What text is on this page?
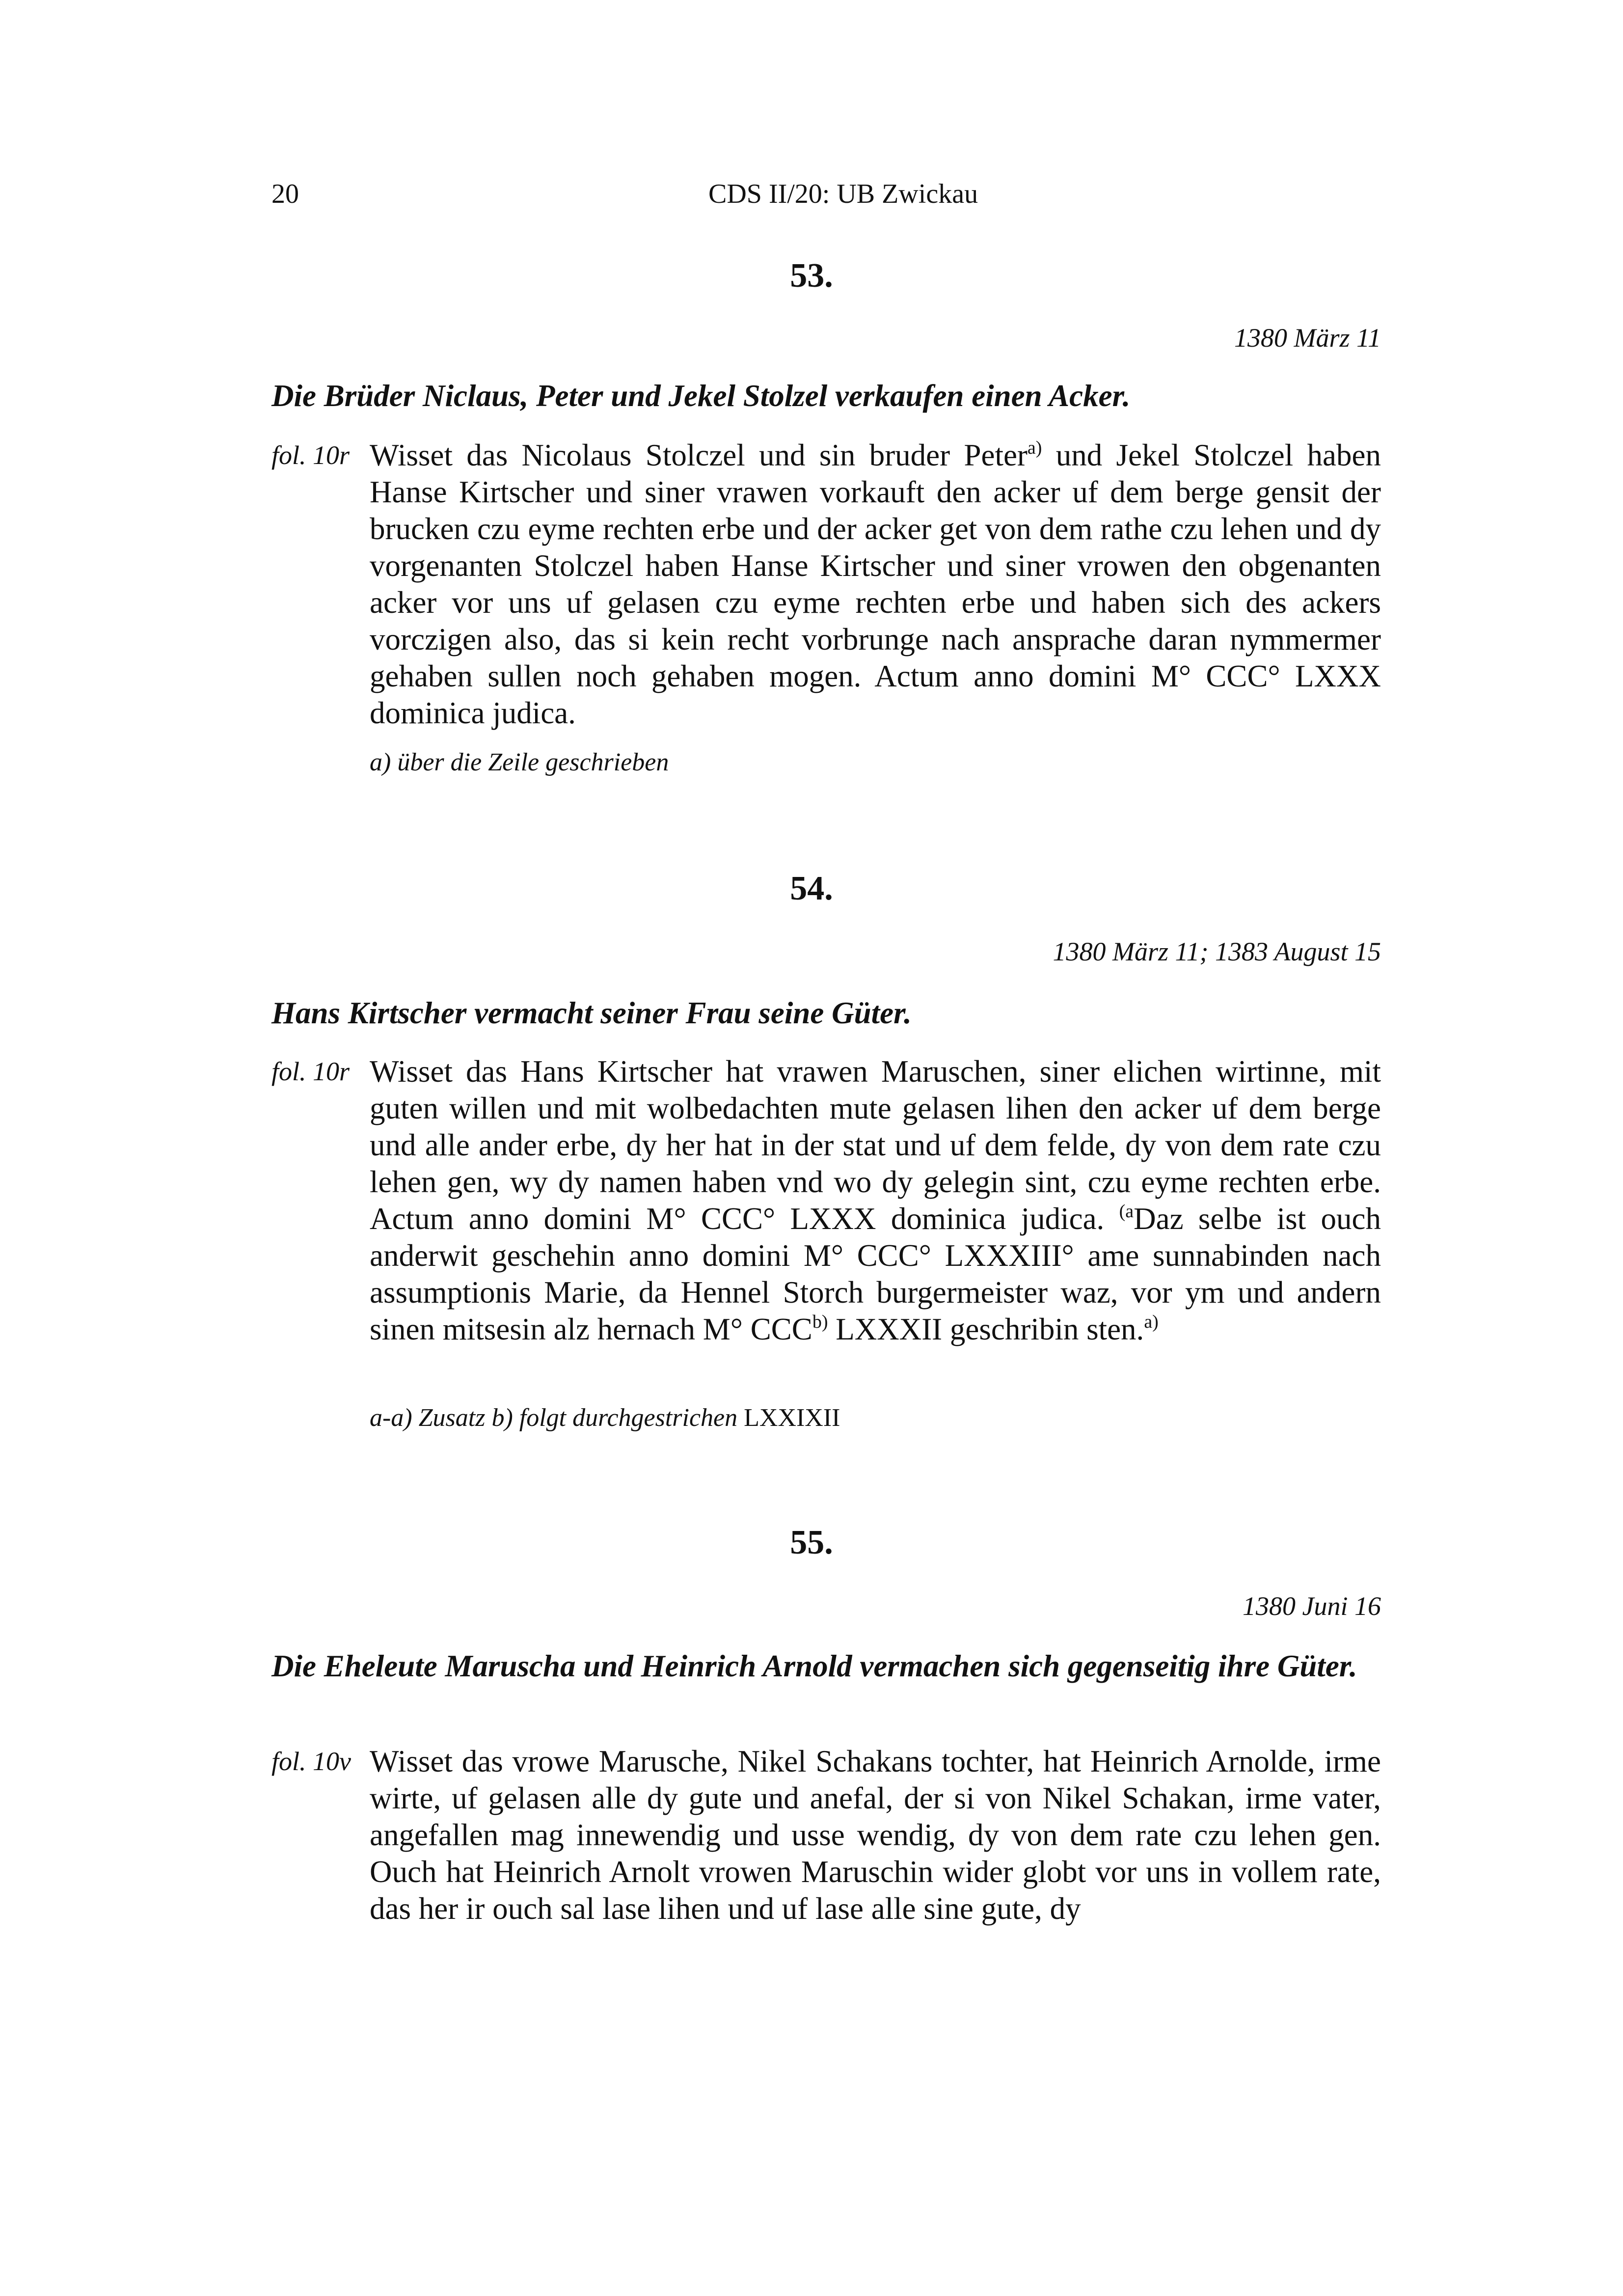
20	CDS II/20: UB Zwickau
53.
1380 März 11
Die Brüder Niclaus, Peter und Jekel Stolzel verkaufen einen Acker.
fol. 10r Wisset das Nicolaus Stolczel und sin bruder Peter$^{a)}$ und Jekel Stolczel haben Hanse Kirtscher und siner vrawen vorkauft den acker uf dem berge gensit der brucken czu eyme rechten erbe und der acker get von dem rathe czu lehen und dy vorgenanten Stolczel haben Hanse Kirtscher und siner vrowen den obgenanten acker vor uns uf gelasen czu eyme rechten erbe und haben sich des ackers vorczigen also, das si kein recht vorbrunge nach ansprache daran nymmermer gehaben sullen noch gehaben mogen. Actum anno domini M° CCC° LXXX dominica judica.

a) über die Zeile geschrieben
54.
1380 März 11; 1383 August 15
Hans Kirtscher vermacht seiner Frau seine Güter.
fol. 10r Wisset das Hans Kirtscher hat vrawen Maruschen, siner elichen wirtinne, mit guten willen und mit wolbedachten mute gelasen lihen den acker uf dem berge und alle ander erbe, dy her hat in der stat und uf dem felde, dy von dem rate czu lehen gen, wy dy namen haben vnd wo dy gelegin sint, czu eyme rechten erbe. Actum anno domini M° CCC° LXXX dominica judica. $^{(a}$Daz selbe ist ouch anderwit geschehin anno domini M° CCC° LXXXIII° ame sunnabinden nach assumptionis Marie, da Hennel Storch burgermeister waz, vor ym und andern sinen mitsesin alz hernach M° CCC$^{b)}$ LXXXII geschribin sten.$^{a)}$

a-a) Zusatz b) folgt durchgestrichen LXXIXII
55.
1380 Juni 16
Die Eheleute Maruscha und Heinrich Arnold vermachen sich gegenseitig ihre Güter.
fol. 10v Wisset das vrowe Marusche, Nikel Schakans tochter, hat Heinrich Arnolde, irme wirte, uf gelasen alle dy gute und anefal, der si von Nikel Schakan, irme vater, angefallen mag innewendig und usse wendig, dy von dem rate czu lehen gen. Ouch hat Heinrich Arnolt vrowen Maruschin wider globt vor uns in vollem rate, das her ir ouch sal lase lihen und uf lase alle sine gute, dy
